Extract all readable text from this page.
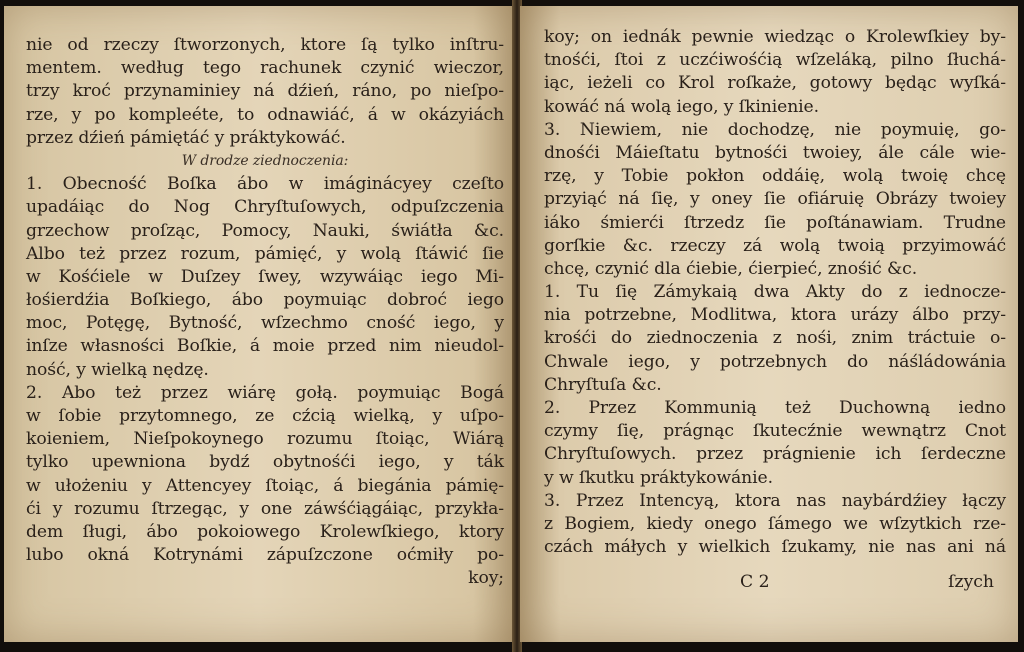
nie od rzeczy ſtworzonych, ktore ſą tylko inſtru-
mentem. według tego rachunek czynić wieczor,
trzy kroć przynaminiey ná dźień, ráno, po nieſpo-
rze, y po kompleéte, to odnawiáć, á w okázyiách
przez dźień pámiętáć y práktykowáć.
W drodze ziednoczenia:
1. Obecność Boſka ábo w imáginácyey czeſto
upadáiąc do Nog Chryſtuſowych, odpuſzczenia
grzechow proſząc, Pomocy, Nauki, świátła &c.
Albo też przez rozum, pámięć, y wolą ſtáwić ſie
w Kośćiele w Duſzey ſwey, wzywáiąc iego Mi-
łośierdźia Boſkiego, ábo poymuiąc dobroć iego
moc, Potęgę, Bytność, wſzechmo cność iego, y
inſze własności Boſkie, á moie przed nim nieudol-
ność, y wielką nędzę.
2. Abo też przez wiárę gołą. poymuiąc Bogá
w ſobie przytomnego, ze cźcią wielką, y uſpo-
koieniem, Nieſpokoynego rozumu ſtoiąc, Wiárą
tylko upewniona bydź obytnośći iego, y ták
w ułożeniu y Attencyey ſtoiąc, á biegánia pámię-
ći y rozumu ſtrzegąc, y one záwśćiągáiąc, przykła-
dem ſługi, ábo pokoiowego Krolewſkiego, ktory
lubo okná Kotrynámi zápuſzczone oćmiły po-
koy;
koy; on iednák pewnie wiedząc o Krolewſkiey by-
tnośći, ſtoi z uczćiwośćią wſzeláką, pilno ſłuchá-
iąc, ieżeli co Krol roſkaże, gotowy będąc wyſká-
kowáć ná wolą iego, y ſkinienie.
3. Niewiem, nie dochodzę, nie poymuię, go-
dnośći Máieſtatu bytnośći twoiey, ále cále wie-
rzę, y Tobie pokłon oddáię, wolą twoię chcę
przyiąć ná ſię, y oney ſie ofiáruię Obrázy twoiey
iáko śmierći ſtrzedz ſie poſtánawiam. Trudne
gorſkie &c. rzeczy zá wolą twoią przyimowáć
chcę, czynić dla ćiebie, ćierpieć, znośić &c.
1. Tu ſię Zámykaią dwa Akty do z iednocze-
nia potrzebne, Modlitwa, ktora urázy álbo przy-
krośći do ziednoczenia z nośi, znim tráctuie o-
Chwale iego, y potrzebnych do náśládowánia
Chryſtuſa &c.
2. Przez Kommunią też Duchowną iedno
czymy ſię, prágnąc ſkutecźnie wewnątrz Cnot
Chryſtuſowych. przez prágnienie ich ſerdeczne
y w ſkutku práktykowánie.
3. Przez Intencyą, ktora nas naybárdźiey łączy
z Bogiem, kiedy onego ſámego we wſzytkich rze-
czách máłych y wielkich ſzukamy, nie nas ani ná
C 2	ſzych
